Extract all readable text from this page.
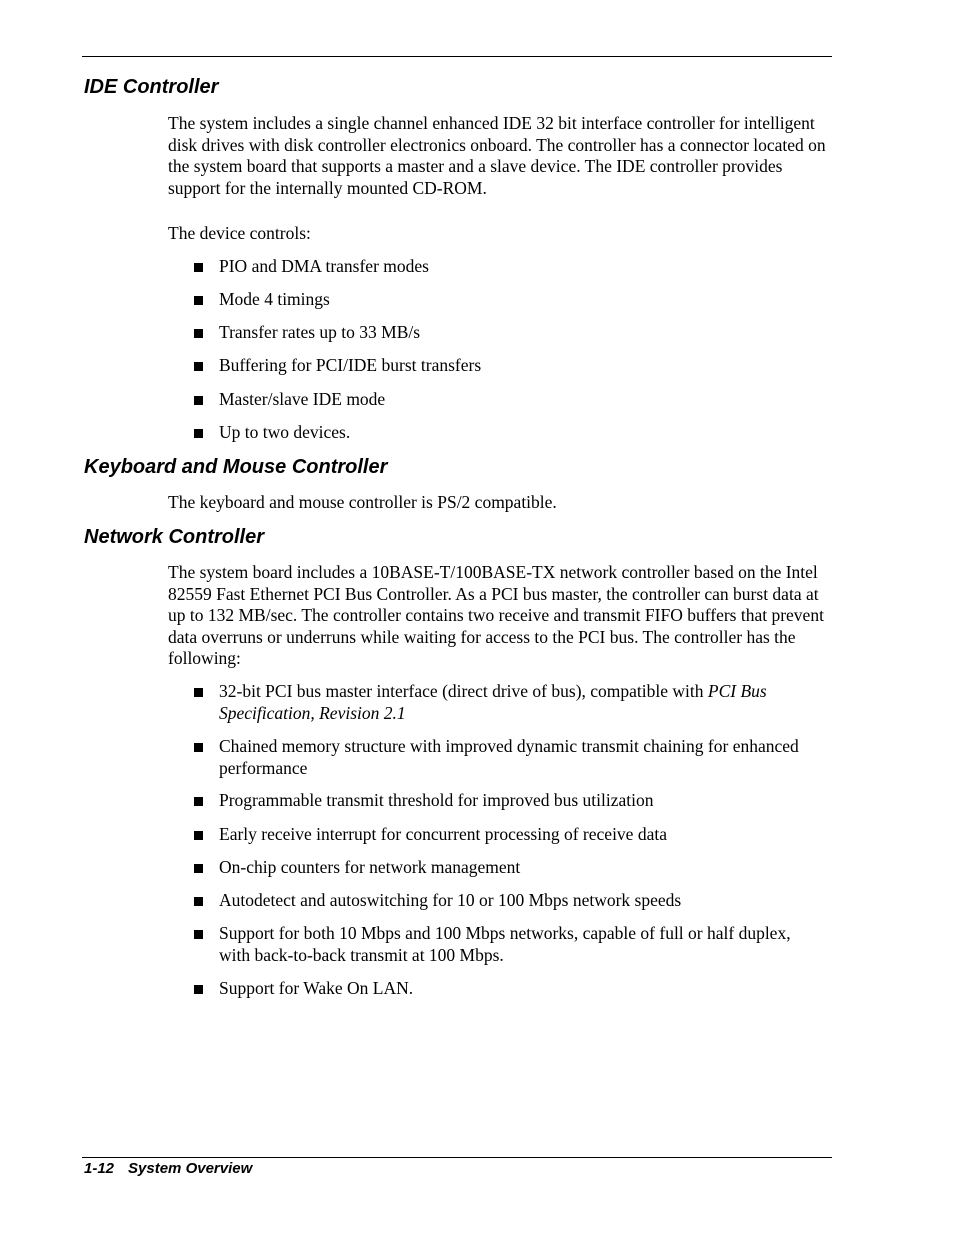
IDE Controller

The system includes a single channel enhanced IDE 32 bit interface controller for intelligent disk drives with disk controller electronics onboard. The controller has a connector located on the system board that supports a master and a slave device. The IDE controller provides support for the internally mounted CD-ROM.

The device controls:

PIO and DMA transfer modes
Mode 4 timings
Transfer rates up to 33 MB/s
Buffering for PCI/IDE burst transfers
Master/slave IDE mode
Up to two devices.
Keyboard and Mouse Controller

The keyboard and mouse controller is PS/2 compatible.

Network Controller

The system board includes a 10BASE-T/100BASE-TX network controller based on the Intel 82559 Fast Ethernet PCI Bus Controller. As a PCI bus master, the controller can burst data at up to 132 MB/sec. The controller contains two receive and transmit FIFO buffers that prevent data overruns or underruns while waiting for access to the PCI bus. The controller has the following:

32-bit PCI bus master interface (direct drive of bus), compatible with PCI Bus Specification, Revision 2.1
Chained memory structure with improved dynamic transmit chaining for enhanced performance
Programmable transmit threshold for improved bus utilization
Early receive interrupt for concurrent processing of receive data
On-chip counters for network management
Autodetect and autoswitching for 10 or 100 Mbps network speeds
Support for both 10 Mbps and 100 Mbps networks, capable of full or half duplex, with back-to-back transmit at 100 Mbps.
Support for Wake On LAN.
1-12 System Overview
